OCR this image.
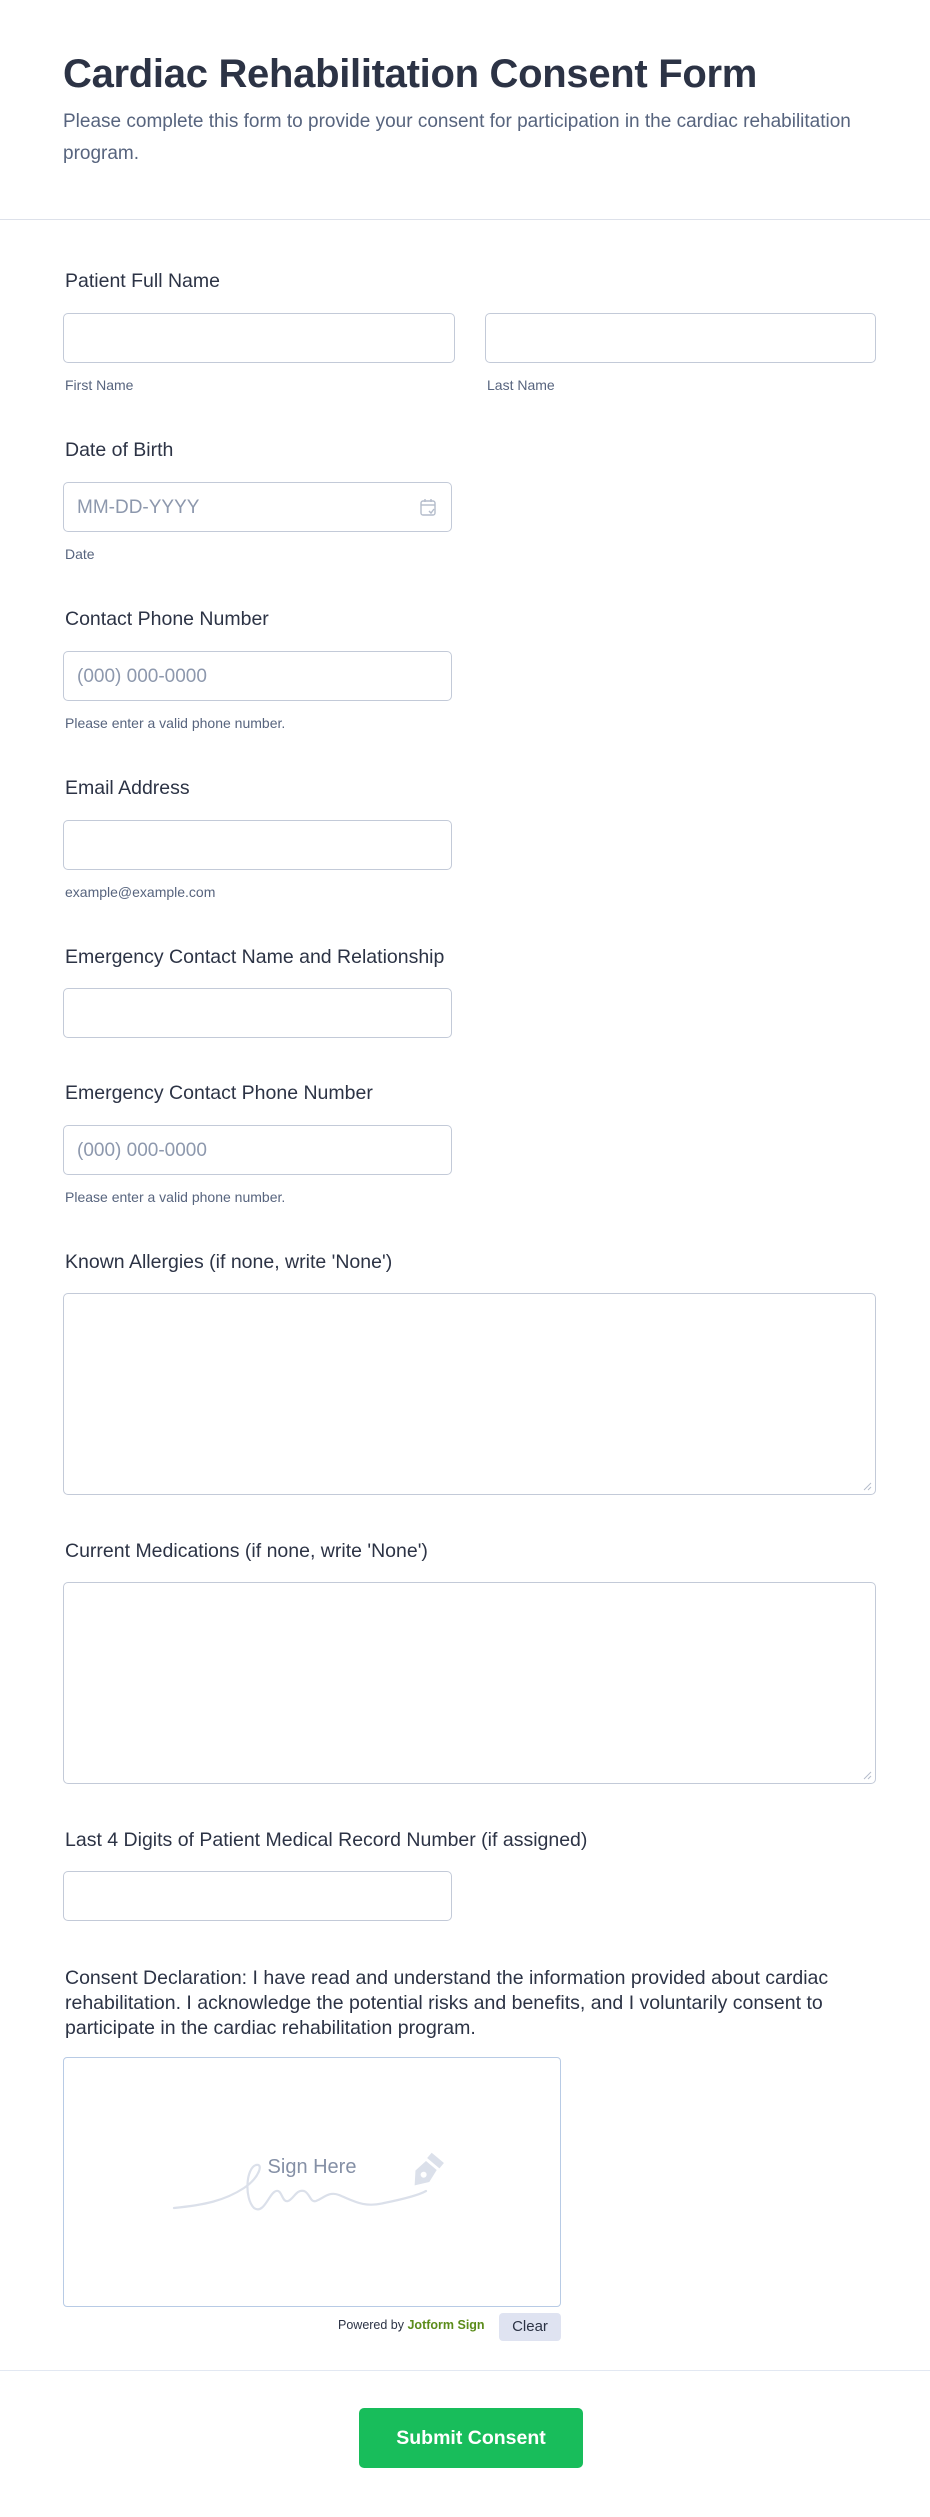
Cardiac Rehabilitation Consent Form

Please complete this form to provide your consent for participation in the cardiac rehabilitation program.

Patient Full Name
First Name	Last Name
Date of Birth
MM-DD-YYYY
Date
Contact Phone Number
(000) 000-0000
Please enter a valid phone number.
Email Address
example@example.com
Emergency Contact Name and Relationship
Emergency Contact Phone Number
(000) 000-0000
Please enter a valid phone number.
Known Allergies (if none, write 'None')
Current Medications (if none, write 'None')
Last 4 Digits of Patient Medical Record Number (if assigned)
Consent Declaration: I have read and understand the information provided about cardiac rehabilitation. I acknowledge the potential risks and benefits, and I voluntarily consent to participate in the cardiac rehabilitation program.
Sign Here
Powered by Jotform Sign	Clear
Submit Consent
